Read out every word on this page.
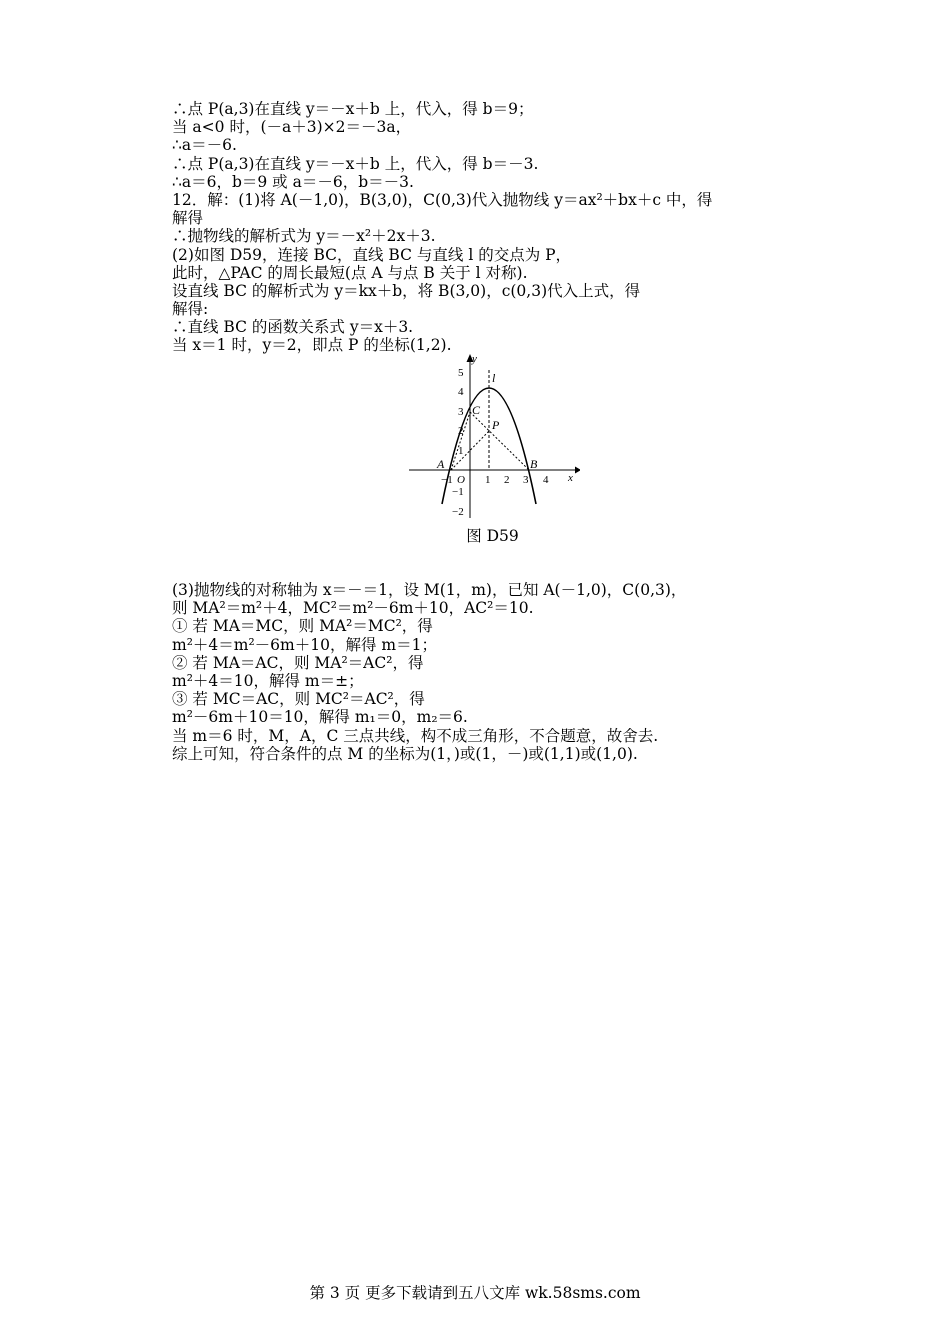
∴点 P(a,3)在直线 y＝－x＋b 上，代入，得 b＝9；
当 a<0 时，(－a＋3)×2＝－3a，
∴a＝－6.
∴点 P(a,3)在直线 y＝－x＋b 上，代入，得 b＝－3.
∴a＝6，b＝9 或 a＝－6，b＝－3.
12．解：(1)将 A(－1,0)，B(3,0)，C(0,3)代入抛物线 y＝ax²＋bx＋c 中，得
解得
∴抛物线的解析式为 y＝－x²＋2x＋3.
(2)如图 D59，连接 BC，直线 BC 与直线 l 的交点为 P，
此时，△PAC 的周长最短(点 A 与点 B 关于 l 对称).
设直线 BC 的解析式为 y＝kx＋b，将 B(3,0)，c(0,3)代入上式，得
解得:
∴直线 BC 的函数关系式 y＝x＋3.
当 x＝1 时，y＝2，即点 P 的坐标(1,2).
y
x
l
5
4
3
2
1
−1
−2
−1 O 1 2 3 4
A	B
C
P
图 D59
(3)抛物线的对称轴为 x＝－＝1，设 M(1，m)，已知 A(－1,0)，C(0,3)，
则 MA²＝m²＋4，MC²＝m²－6m＋10，AC²＝10.
① 若 MA＝MC，则 MA²＝MC²，得
m²＋4＝m²－6m＋10，解得 m＝1；
② 若 MA＝AC，则 MA²＝AC²，得
m²＋4＝10，解得 m＝±；
③ 若 MC＝AC，则 MC²＝AC²，得
m²－6m＋10＝10，解得 m₁＝0，m₂＝6.
当 m＝6 时，M，A，C 三点共线，构不成三角形，不合题意，故舍去.
综上可知，符合条件的点 M 的坐标为(1，)或(1，－)或(1,1)或(1,0).
第 3 页 更多下载请到五八文库 wk.58sms.com
